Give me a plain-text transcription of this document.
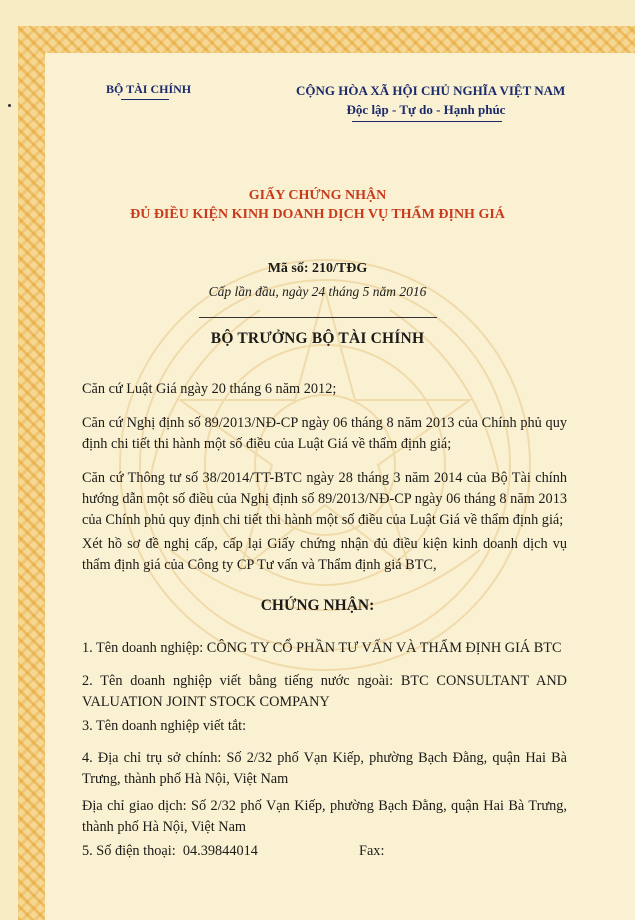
BỘ TÀI CHÍNH	CỘNG HÒA XÃ HỘI CHỦ NGHĨA VIỆT NAM
Độc lập - Tự do - Hạnh phúc
GIẤY CHỨNG NHẬN
ĐỦ ĐIỀU KIỆN KINH DOANH DỊCH VỤ THẨM ĐỊNH GIÁ
Mã số: 210/TĐG
Cấp lần đầu, ngày 24 tháng 5 năm 2016
BỘ TRƯỞNG BỘ TÀI CHÍNH

Căn cứ Luật Giá ngày 20 tháng 6 năm 2012;

Căn cứ Nghị định số 89/2013/NĐ-CP ngày 06 tháng 8 năm 2013 của Chính phủ quy định chi tiết thi hành một số điều của Luật Giá về thẩm định giá;

Căn cứ Thông tư số 38/2014/TT-BTC ngày 28 tháng 3 năm 2014 của Bộ Tài chính hướng dẫn một số điều của Nghị định số 89/2013/NĐ-CP ngày 06 tháng 8 năm 2013 của Chính phủ quy định chi tiết thi hành một số điều của Luật Giá về thẩm định giá;

Xét hồ sơ đề nghị cấp, cấp lại Giấy chứng nhận đủ điều kiện kinh doanh dịch vụ thẩm định giá của Công ty CP Tư vấn và Thẩm định giá BTC,

CHỨNG NHẬN:

1. Tên doanh nghiệp: CÔNG TY CỔ PHẦN TƯ VẤN VÀ THẨM ĐỊNH GIÁ BTC

2. Tên doanh nghiệp viết bằng tiếng nước ngoài: BTC CONSULTANT AND VALUATION JOINT STOCK COMPANY

3. Tên doanh nghiệp viết tắt:

4. Địa chỉ trụ sở chính: Số 2/32 phố Vạn Kiếp, phường Bạch Đằng, quận Hai Bà Trưng, thành phố Hà Nội, Việt Nam

Địa chỉ giao dịch: Số 2/32 phố Vạn Kiếp, phường Bạch Đằng, quận Hai Bà Trưng, thành phố Hà Nội, Việt Nam

5. Số điện thoại:  04.39844014	Fax:
